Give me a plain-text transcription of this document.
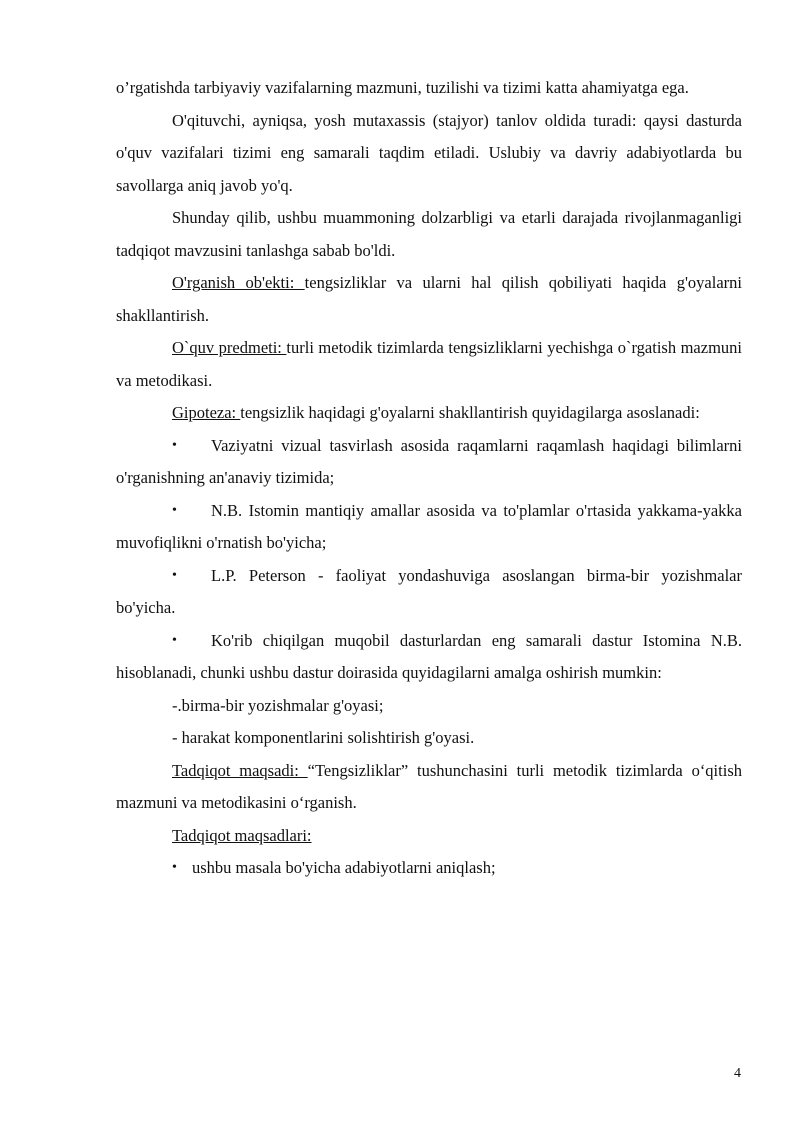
o’rgatishda tarbiyaviy vazifalarning mazmuni, tuzilishi va tizimi katta ahamiyatga ega.

O'qituvchi, ayniqsa, yosh mutaxassis (stajyor) tanlov oldida turadi: qaysi dasturda o'quv vazifalari tizimi eng samarali taqdim etiladi. Uslubiy va davriy adabiyotlarda bu savollarga aniq javob yo'q.

Shunday qilib, ushbu muammoning dolzarbligi va etarli darajada rivojlanmaganligi tadqiqot mavzusini tanlashga sabab bo'ldi.

O'rganish ob'ekti: tengsizliklar va ularni hal qilish qobiliyati haqida g'oyalarni shakllantirish.

O`quv predmeti: turli metodik tizimlarda tengsizliklarni yechishga o`rgatish mazmuni va metodikasi.

Gipoteza: tengsizlik haqidagi g'oyalarni shakllantirish quyidagilarga asoslanadi:

• Vaziyatni vizual tasvirlash asosida raqamlarni raqamlash haqidagi bilimlarni o'rganishning an'anaviy tizimida;

• N.B. Istomin mantiqiy amallar asosida va to'plamlar o'rtasida yakkama-yakka muvofiqlikni o'rnatish bo'yicha;

• L.P. Peterson - faoliyat yondashuviga asoslangan birma-bir yozishmalar bo'yicha.

• Ko'rib chiqilgan muqobil dasturlardan eng samarali dastur Istomina N.B. hisoblanadi, chunki ushbu dastur doirasida quyidagilarni amalga oshirish mumkin:

-.birma-bir yozishmalar g'oyasi;

- harakat komponentlarini solishtirish g'oyasi.

Tadqiqot maqsadi: “Tengsizliklar” tushunchasini turli metodik tizimlarda o‘qitish mazmuni va metodikasini o‘rganish.

Tadqiqot maqsadlari:

• ushbu masala bo'yicha adabiyotlarni aniqlash;

4
